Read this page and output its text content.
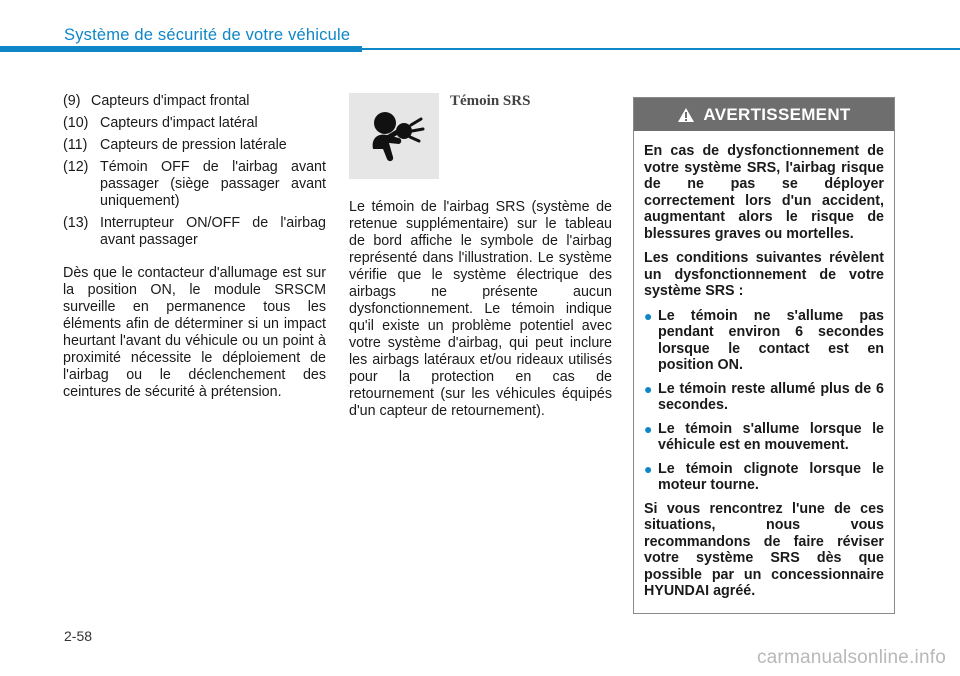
Système de sécurité de votre véhicule
(9) Capteurs d'impact frontal
(10) Capteurs d'impact latéral
(11) Capteurs de pression latérale
(12) Témoin OFF de l'airbag avant passager (siège passager avant uniquement)
(13) Interrupteur ON/OFF de l'airbag avant passager

Dès que le contacteur d'allumage est sur la position ON, le module SRSCM surveille en permanence tous les éléments afin de déterminer si un impact heurtant l'avant du véhicule ou un point à proximité nécessite le déploiement de l'airbag ou le déclenchement des ceintures de sécurité à prétension.

Témoin SRS

Le témoin de l'airbag SRS (système de retenue supplémentaire) sur le tableau de bord affiche le symbole de l'airbag représenté dans l'illustration. Le système vérifie que le système électrique des airbags ne présente aucun dysfonctionnement. Le témoin indique qu'il existe un problème potentiel avec votre système d'airbag, qui peut inclure les airbags latéraux et/ou rideaux utilisés pour la protection en cas de retournement (sur les véhicules équipés d'un capteur de retournement).

AVERTISSEMENT

En cas de dysfonctionnement de votre système SRS, l'airbag risque de ne pas se déployer correctement lors d'un accident, augmentant alors le risque de blessures graves ou mortelles.

Les conditions suivantes révèlent un dysfonctionnement de votre système SRS :

● Le témoin ne s'allume pas pendant environ 6 secondes lorsque le contact est en position ON.
● Le témoin reste allumé plus de 6 secondes.
● Le témoin s'allume lorsque le véhicule est en mouvement.
● Le témoin clignote lorsque le moteur tourne.

Si vous rencontrez l'une de ces situations, nous vous recommandons de faire réviser votre système SRS dès que possible par un concessionnaire HYUNDAI agréé.

2-58
carmanualsonline.info
